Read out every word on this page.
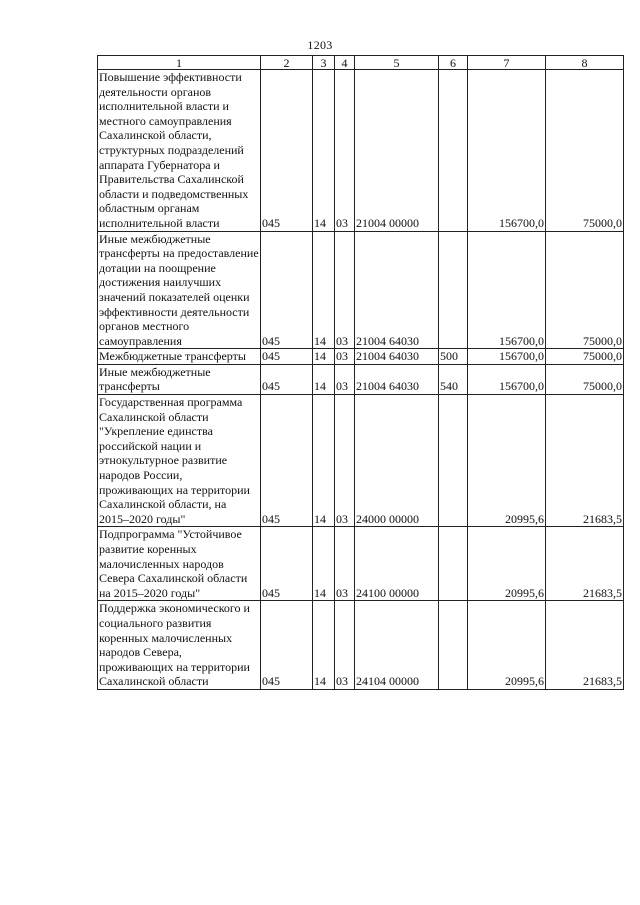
1203
1	2	3	4	5	6	7	8
Повышение эффективности деятельности органов исполнительной власти и местного самоуправления Сахалинской области, структурных подразделений аппарата Губернатора и Правительства Сахалинской области и подведомственных областным органам исполнительной власти	045	14	03	21004 00000		156700,0	75000,0
Иные межбюджетные трансферты на предоставление дотации на поощрение достижения наилучших значений показателей оценки эффективности деятельности органов местного самоуправления	045	14	03	21004 64030		156700,0	75000,0
Межбюджетные трансферты	045	14	03	21004 64030	500	156700,0	75000,0
Иные межбюджетные трансферты	045	14	03	21004 64030	540	156700,0	75000,0
Государственная программа Сахалинской области "Укрепление единства российской нации и этнокультурное развитие народов России, проживающих на территории Сахалинской области, на 2015–2020 годы"	045	14	03	24000 00000		20995,6	21683,5
Подпрограмма "Устойчивое развитие коренных малочисленных народов Севера Сахалинской области на 2015–2020 годы"	045	14	03	24100 00000		20995,6	21683,5
Поддержка экономического и социального развития коренных малочисленных народов Севера, проживающих на территории Сахалинской области	045	14	03	24104 00000		20995,6	21683,5
